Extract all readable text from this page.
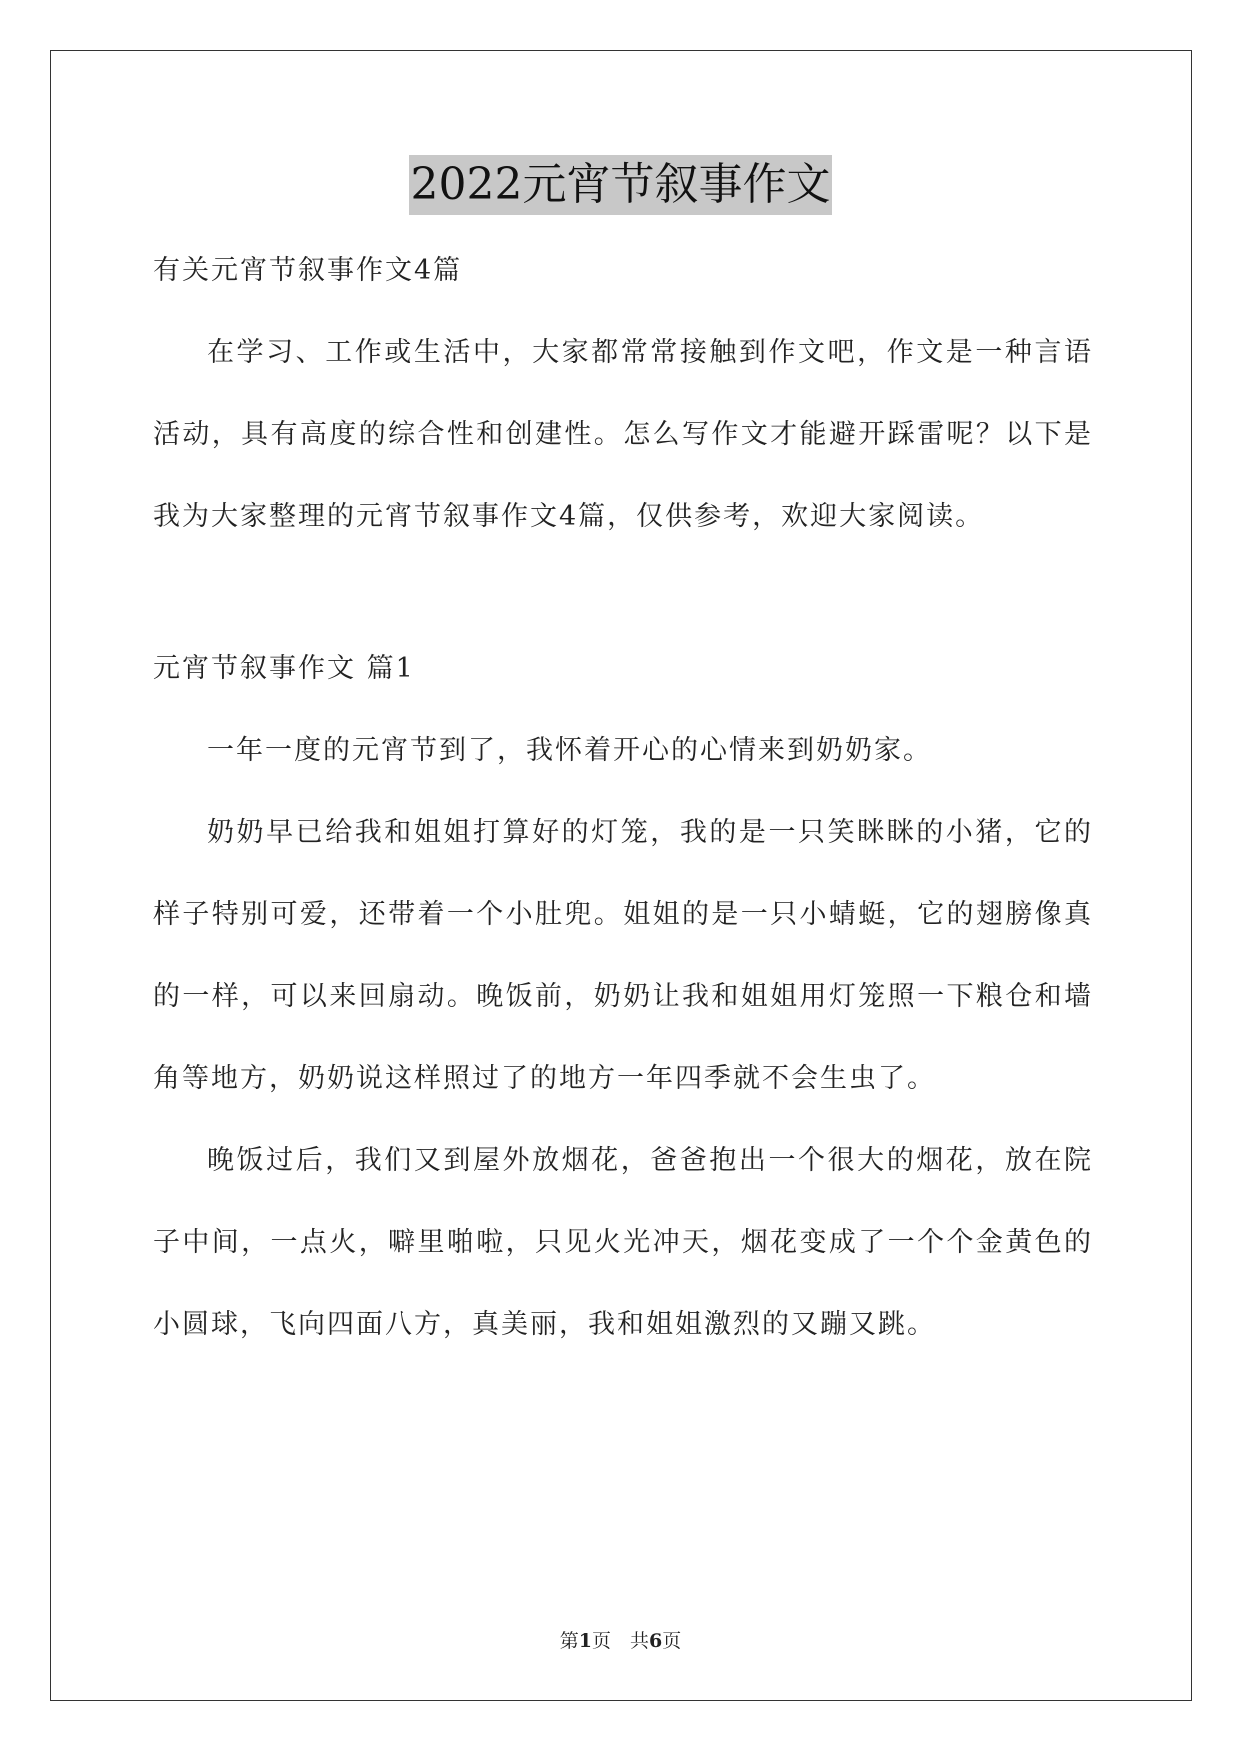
2022元宵节叙事作文

有关元宵节叙事作文4篇

在学习、工作或生活中，大家都常常接触到作文吧，作文是一种言语活动，具有高度的综合性和创建性。怎么写作文才能避开踩雷呢？以下是我为大家整理的元宵节叙事作文4篇，仅供参考，欢迎大家阅读。

元宵节叙事作文 篇1

一年一度的元宵节到了，我怀着开心的心情来到奶奶家。

奶奶早已给我和姐姐打算好的灯笼，我的是一只笑眯眯的小猪，它的样子特别可爱，还带着一个小肚兜。姐姐的是一只小蜻蜓，它的翅膀像真的一样，可以来回扇动。晚饭前，奶奶让我和姐姐用灯笼照一下粮仓和墙角等地方，奶奶说这样照过了的地方一年四季就不会生虫了。

晚饭过后，我们又到屋外放烟花，爸爸抱出一个很大的烟花，放在院子中间，一点火，噼里啪啦，只见火光冲天，烟花变成了一个个金黄色的小圆球，飞向四面八方，真美丽，我和姐姐激烈的又蹦又跳。

第1页　共6页
